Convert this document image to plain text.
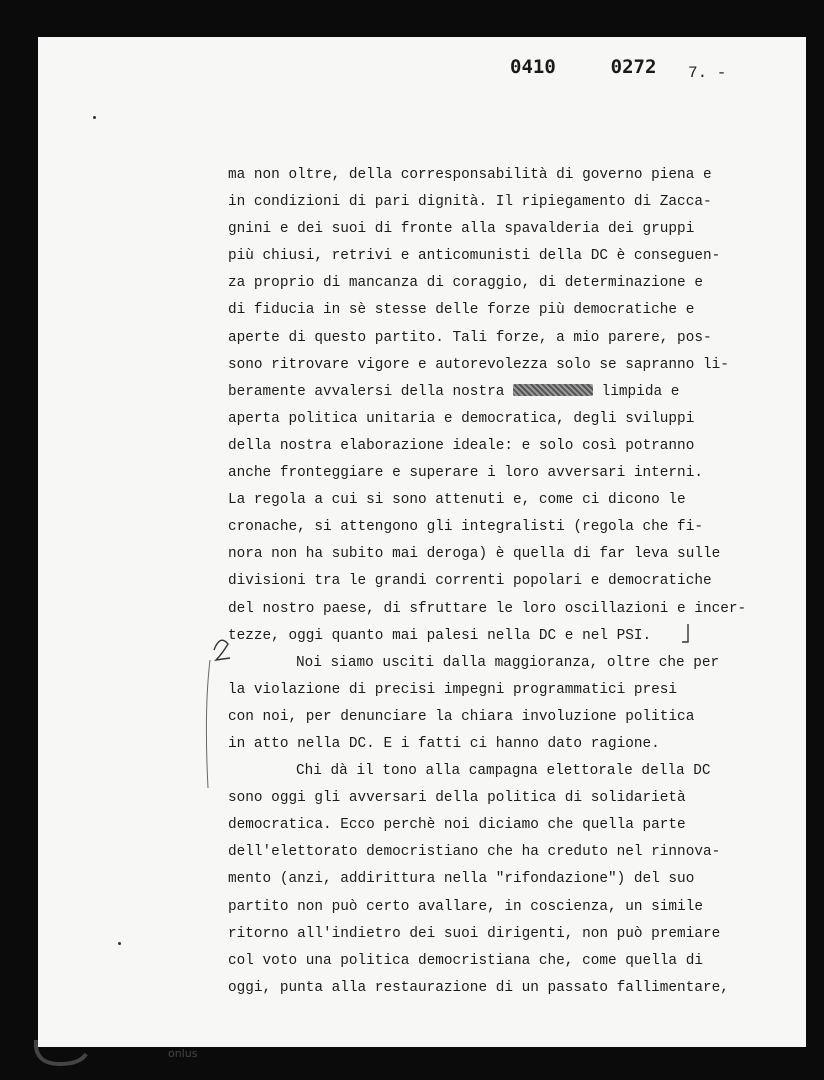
0410  0272 7. -
ma non oltre, della corresponsabilità di governo piena e
in condizioni di pari dignità. Il ripiegamento di Zacca-
gnini e dei suoi di fronte alla spavalderia dei gruppi
più chiusi, retrivi e anticomunisti della DC è conseguen-
za proprio di mancanza di coraggio, di determinazione e
di fiducia in sè stesse delle forze più democratiche e
aperte di questo partito. Tali forze, a mio parere, pos-
sono ritrovare vigore e autorevolezza solo se sapranno li-
beramente avvalersi della nostra	limpida e
aperta politica unitaria e democratica, degli sviluppi
della nostra elaborazione ideale: e solo così potranno
anche fronteggiare e superare i loro avversari interni.
La regola a cui si sono attenuti e, come ci dicono le
cronache, si attengono gli integralisti (regola che fi-
nora non ha subito mai deroga) è quella di far leva sulle
divisioni tra le grandi correnti popolari e democratiche
del nostro paese, di sfruttare le loro oscillazioni e incer-
tezze, oggi quanto mai palesi nella DC e nel PSI.
Noi siamo usciti dalla maggioranza, oltre che per
la violazione di precisi impegni programmatici presi
con noi, per denunciare la chiara involuzione politica
in atto nella DC. E i fatti ci hanno dato ragione.
Chi dà il tono alla campagna elettorale della DC
sono oggi gli avversari della politica di solidarietà
democratica. Ecco perchè noi diciamo che quella parte
dell'elettorato democristiano che ha creduto nel rinnova-
mento (anzi, addirittura nella "rifondazione") del suo
partito non può certo avallare, in coscienza, un simile
ritorno all'indietro dei suoi dirigenti, non può premiare
col voto una politica democristiana che, come quella di
oggi, punta alla restaurazione di un passato fallimentare,
onlus
